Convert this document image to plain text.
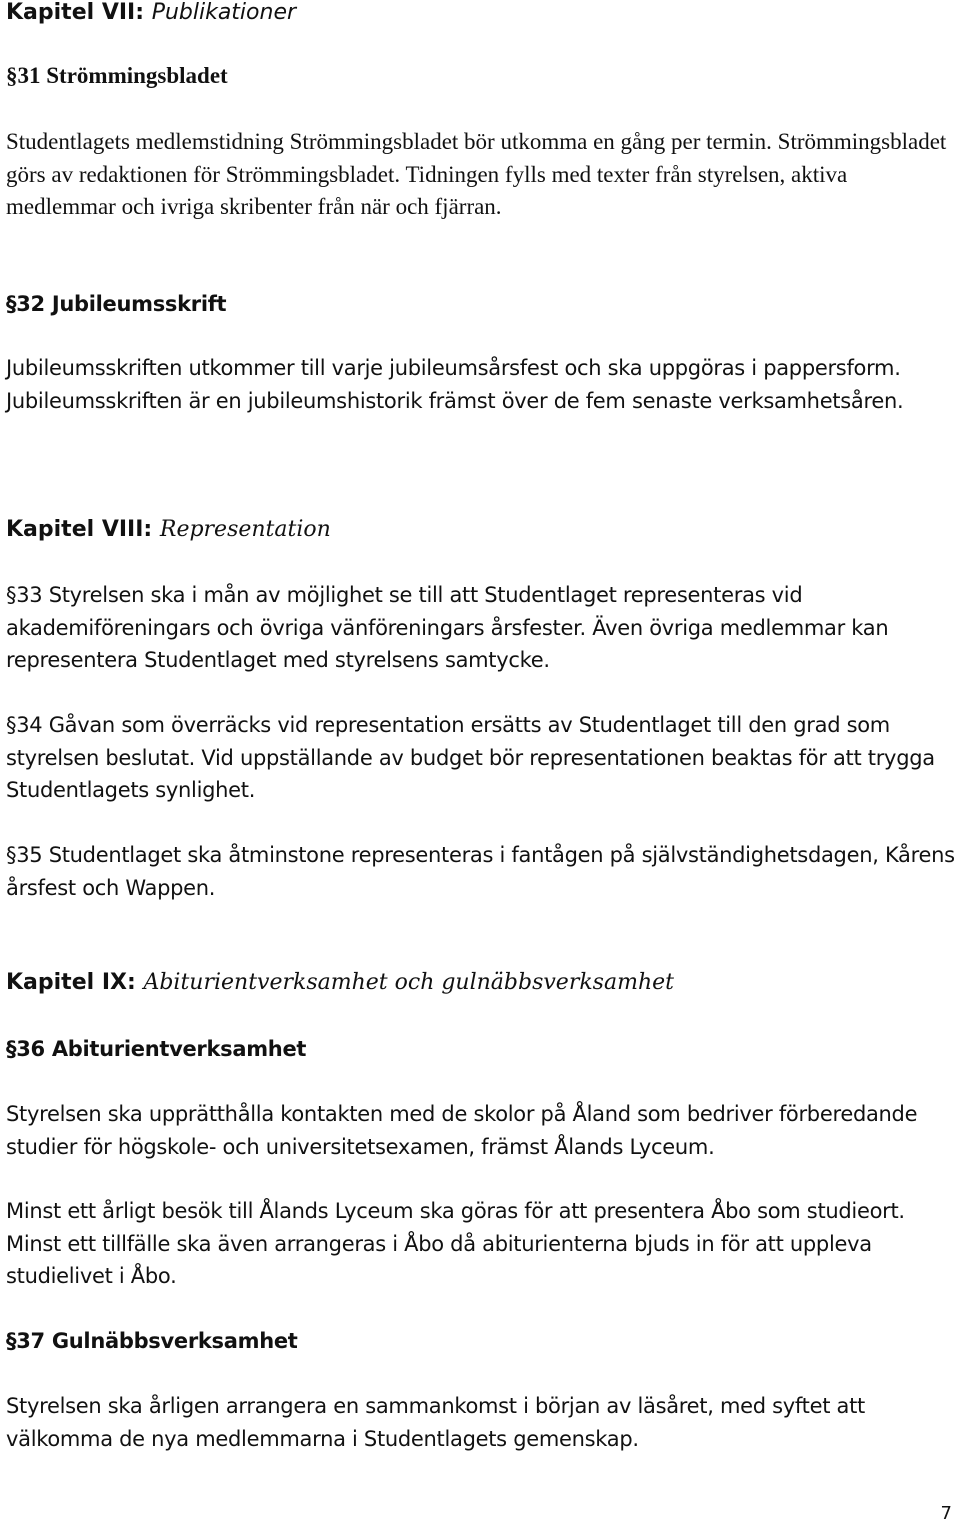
Kapitel VII: Publikationer
§31 Strömmingsbladet

Studentlagets medlemstidning Strömmingsbladet bör utkomma en gång per termin. Strömmingsbladet görs av redaktionen för Strömmingsbladet. Tidningen fylls med texter från styrelsen, aktiva medlemmar och ivriga skribenter från när och fjärran.

§32 Jubileumsskrift

Jubileumsskriften utkommer till varje jubileumsårsfest och ska uppgöras i pappersform. Jubileumsskriften är en jubileumshistorik främst över de fem senaste verksamhetsåren.

Kapitel VIII: Representation

§33 Styrelsen ska i mån av möjlighet se till att Studentlaget representeras vid akademiföreningars och övriga vänföreningars årsfester. Även övriga medlemmar kan representera Studentlaget med styrelsens samtycke.

§34 Gåvan som överräcks vid representation ersätts av Studentlaget till den grad som styrelsen beslutat. Vid uppställande av budget bör representationen beaktas för att trygga Studentlagets synlighet.

§35 Studentlaget ska åtminstone representeras i fantågen på självständighetsdagen, Kårens årsfest och Wappen.

Kapitel IX: Abiturientverksamhet och gulnäbbsverksamhet
§36 Abiturientverksamhet

Styrelsen ska upprätthålla kontakten med de skolor på Åland som bedriver förberedande studier för högskole- och universitetsexamen, främst Ålands Lyceum.

Minst ett årligt besök till Ålands Lyceum ska göras för att presentera Åbo som studieort. Minst ett tillfälle ska även arrangeras i Åbo då abiturienterna bjuds in för att uppleva studielivet i Åbo.

§37 Gulnäbbsverksamhet

Styrelsen ska årligen arrangera en sammankomst i början av läsåret, med syftet att välkomma de nya medlemmarna i Studentlagets gemenskap.

7
